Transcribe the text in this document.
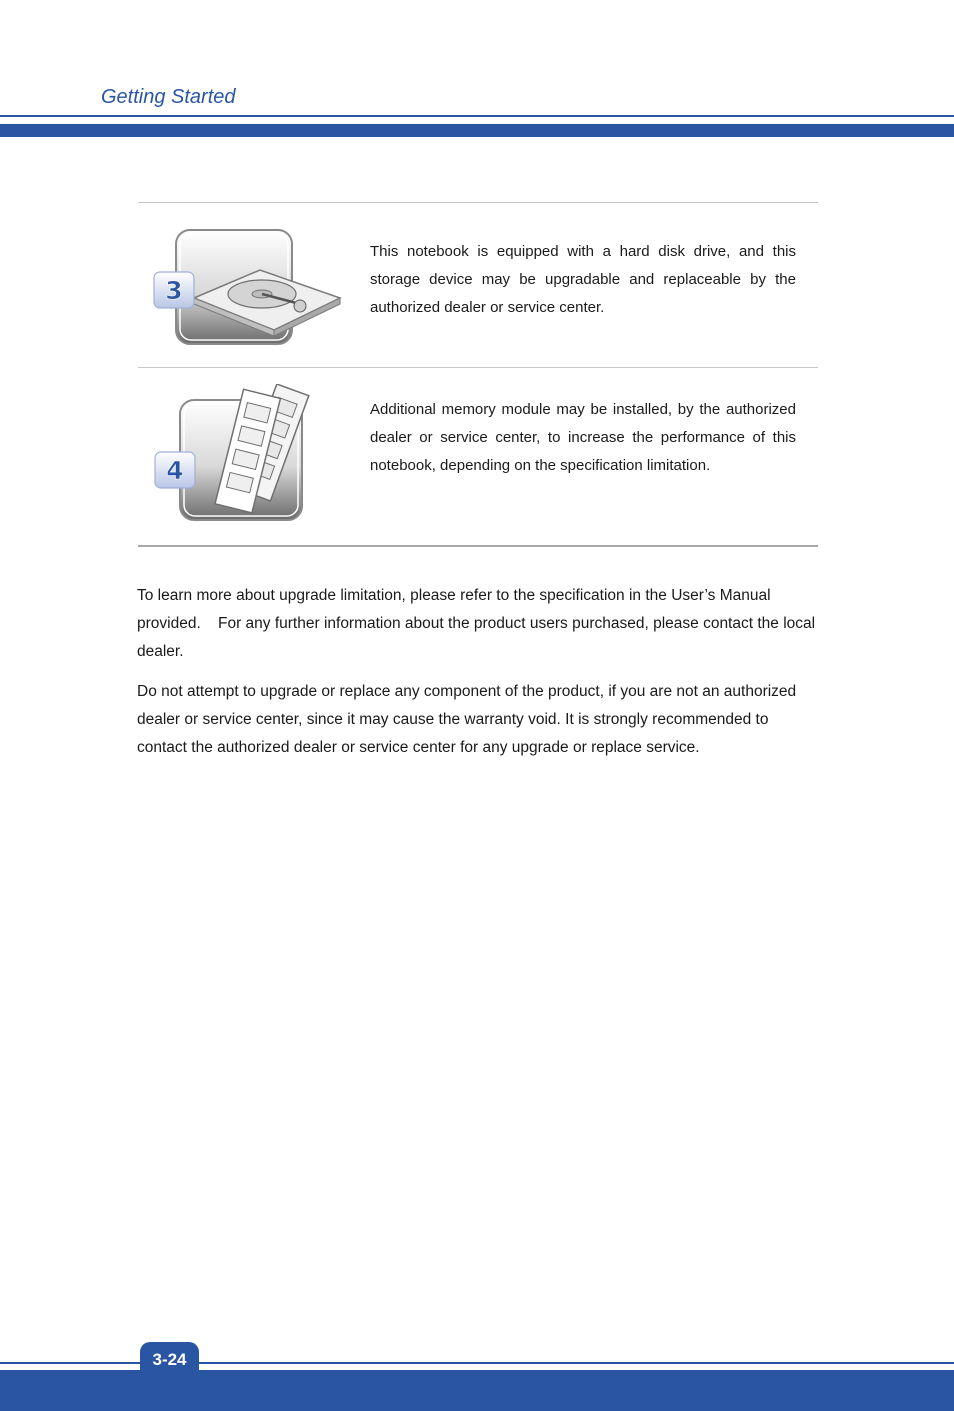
Getting Started
3
This notebook is equipped with a hard disk drive, and this storage device may be upgradable and replaceable by the authorized dealer or service center.
4
Additional memory module may be installed, by the authorized dealer or service center, to increase the performance of this notebook, depending on the specification limitation.
To learn more about upgrade limitation, please refer to the specification in the User’s Manual provided.    For any further information about the product users purchased, please contact the local dealer.
Do not attempt to upgrade or replace any component of the product, if you are not an authorized dealer or service center, since it may cause the warranty void. It is strongly recommended to contact the authorized dealer or service center for any upgrade or replace service.
3-24
